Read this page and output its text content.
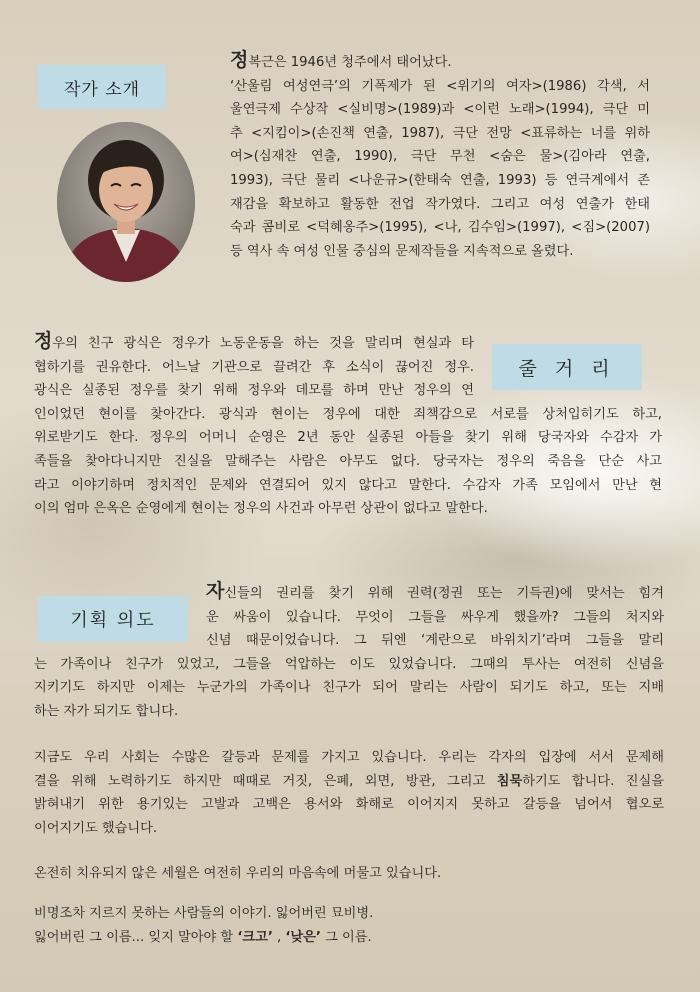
작가 소개

정복근은 1946년 청주에서 태어났다.
‘산울림 여성연극’의 기폭제가 된 <위기의 여자>(1986) 각색, 서
울연극제 수상작 <실비명>(1989)과 <이런 노래>(1994), 극단 미
추 <지킴이>(손진책 연출, 1987), 극단 전망 <표류하는 너를 위하
여>(심재찬 연출, 1990), 극단 무천 <숨은 물>(김아라 연출,
1993), 극단 물리 <나운규>(한태숙 연출, 1993) 등 연극계에서 존
재감을 확보하고 활동한 전업 작가였다. 그리고 여성 연출가 한태
숙과 콤비로 <덕혜옹주>(1995), <나, 김수임>(1997), <짐>(2007)
등 역사 속 여성 인물 중심의 문제작들을 지속적으로 올렸다.

줄 거 리

정우의 친구 광식은 정우가 노동운동을 하는 것을 말리며 현실과 타
협하기를 권유한다. 어느날 기관으로 끌려간 후 소식이 끊어진 정우.
광식은 실종된 정우를 찾기 위해 정우와 데모를 하며 만난 정우의 연
인이었던 현이를 찾아간다. 광식과 현이는 정우에 대한 죄책감으로 서로를 상처입히기도 하고,
위로받기도 한다. 정우의 어머니 순영은 2년 동안 실종된 아들을 찾기 위해 당국자와 수감자 가
족들을 찾아다니지만 진실을 말해주는 사람은 아무도 없다. 당국자는 정우의 죽음을 단순 사고
라고 이야기하며 정치적인 문제와 연결되어 있지 않다고 말한다. 수감자 가족 모임에서 만난 현
이의 엄마 은옥은 순영에게 현이는 정우의 사건과 아무런 상관이 없다고 말한다.

기획 의도

자신들의 권리를 찾기 위해 권력(정권 또는 기득권)에 맞서는 힘겨
운 싸움이 있습니다. 무엇이 그들을 싸우게 했을까? 그들의 처지와
신념 때문이었습니다. 그 뒤엔 ‘계란으로 바위치기’라며 그들을 말리
는 가족이나 친구가 있었고, 그들을 억압하는 이도 있었습니다. 그때의 투사는 여전히 신념을
지키기도 하지만 이제는 누군가의 가족이나 친구가 되어 말리는 사람이 되기도 하고, 또는 지배
하는 자가 되기도 합니다.

지금도 우리 사회는 수많은 갈등과 문제를 가지고 있습니다. 우리는 각자의 입장에 서서 문제해
결을 위해 노력하기도 하지만 때때로 거짓, 은폐, 외면, 방관, 그리고 침묵하기도 합니다. 진실을
밝혀내기 위한 용기있는 고발과 고백은 용서와 화해로 이어지지 못하고 갈등을 넘어서 협오로
이어지기도 했습니다.

온전히 치유되지 않은 세월은 여전히 우리의 마음속에 머물고 있습니다.

비명조차 지르지 못하는 사람들의 이야기. 잃어버린 묘비병.
잃어버린 그 이름... 잊지 말아야 할 ‘크고’ , ‘낮은’ 그 이름.
